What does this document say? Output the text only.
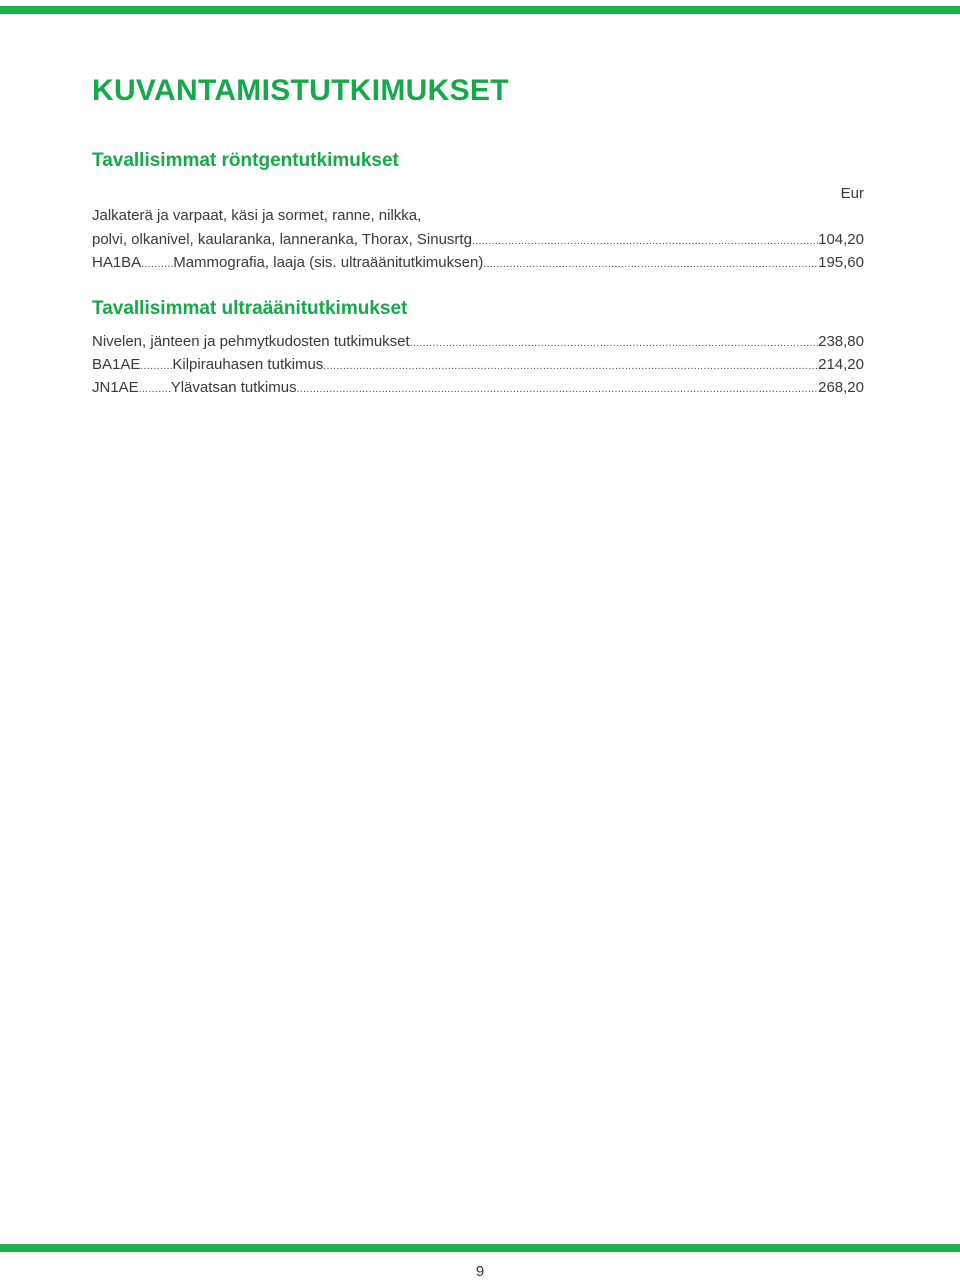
KUVANTAMISTUTKIMUKSET
Tavallisimmat röntgentutkimukset
Eur
Jalkaterä ja varpaat, käsi ja sormet, ranne, nilkka,
polvi, olkanivel, kaularanka, lanneranka, Thorax, Sinusrtg .....	104,20
HA1BA ..... Mammografia, laaja (sis. ultraäänitutkimuksen) .....	195,60
Tavallisimmat ultraäänitutkimukset
Nivelen, jänteen ja pehmytkudosten tutkimukset .....	238,80
BA1AE ..... Kilpirauhasen tutkimus .....	214,20
JN1AE ..... Ylävatsan tutkimus .....	268,20
9
